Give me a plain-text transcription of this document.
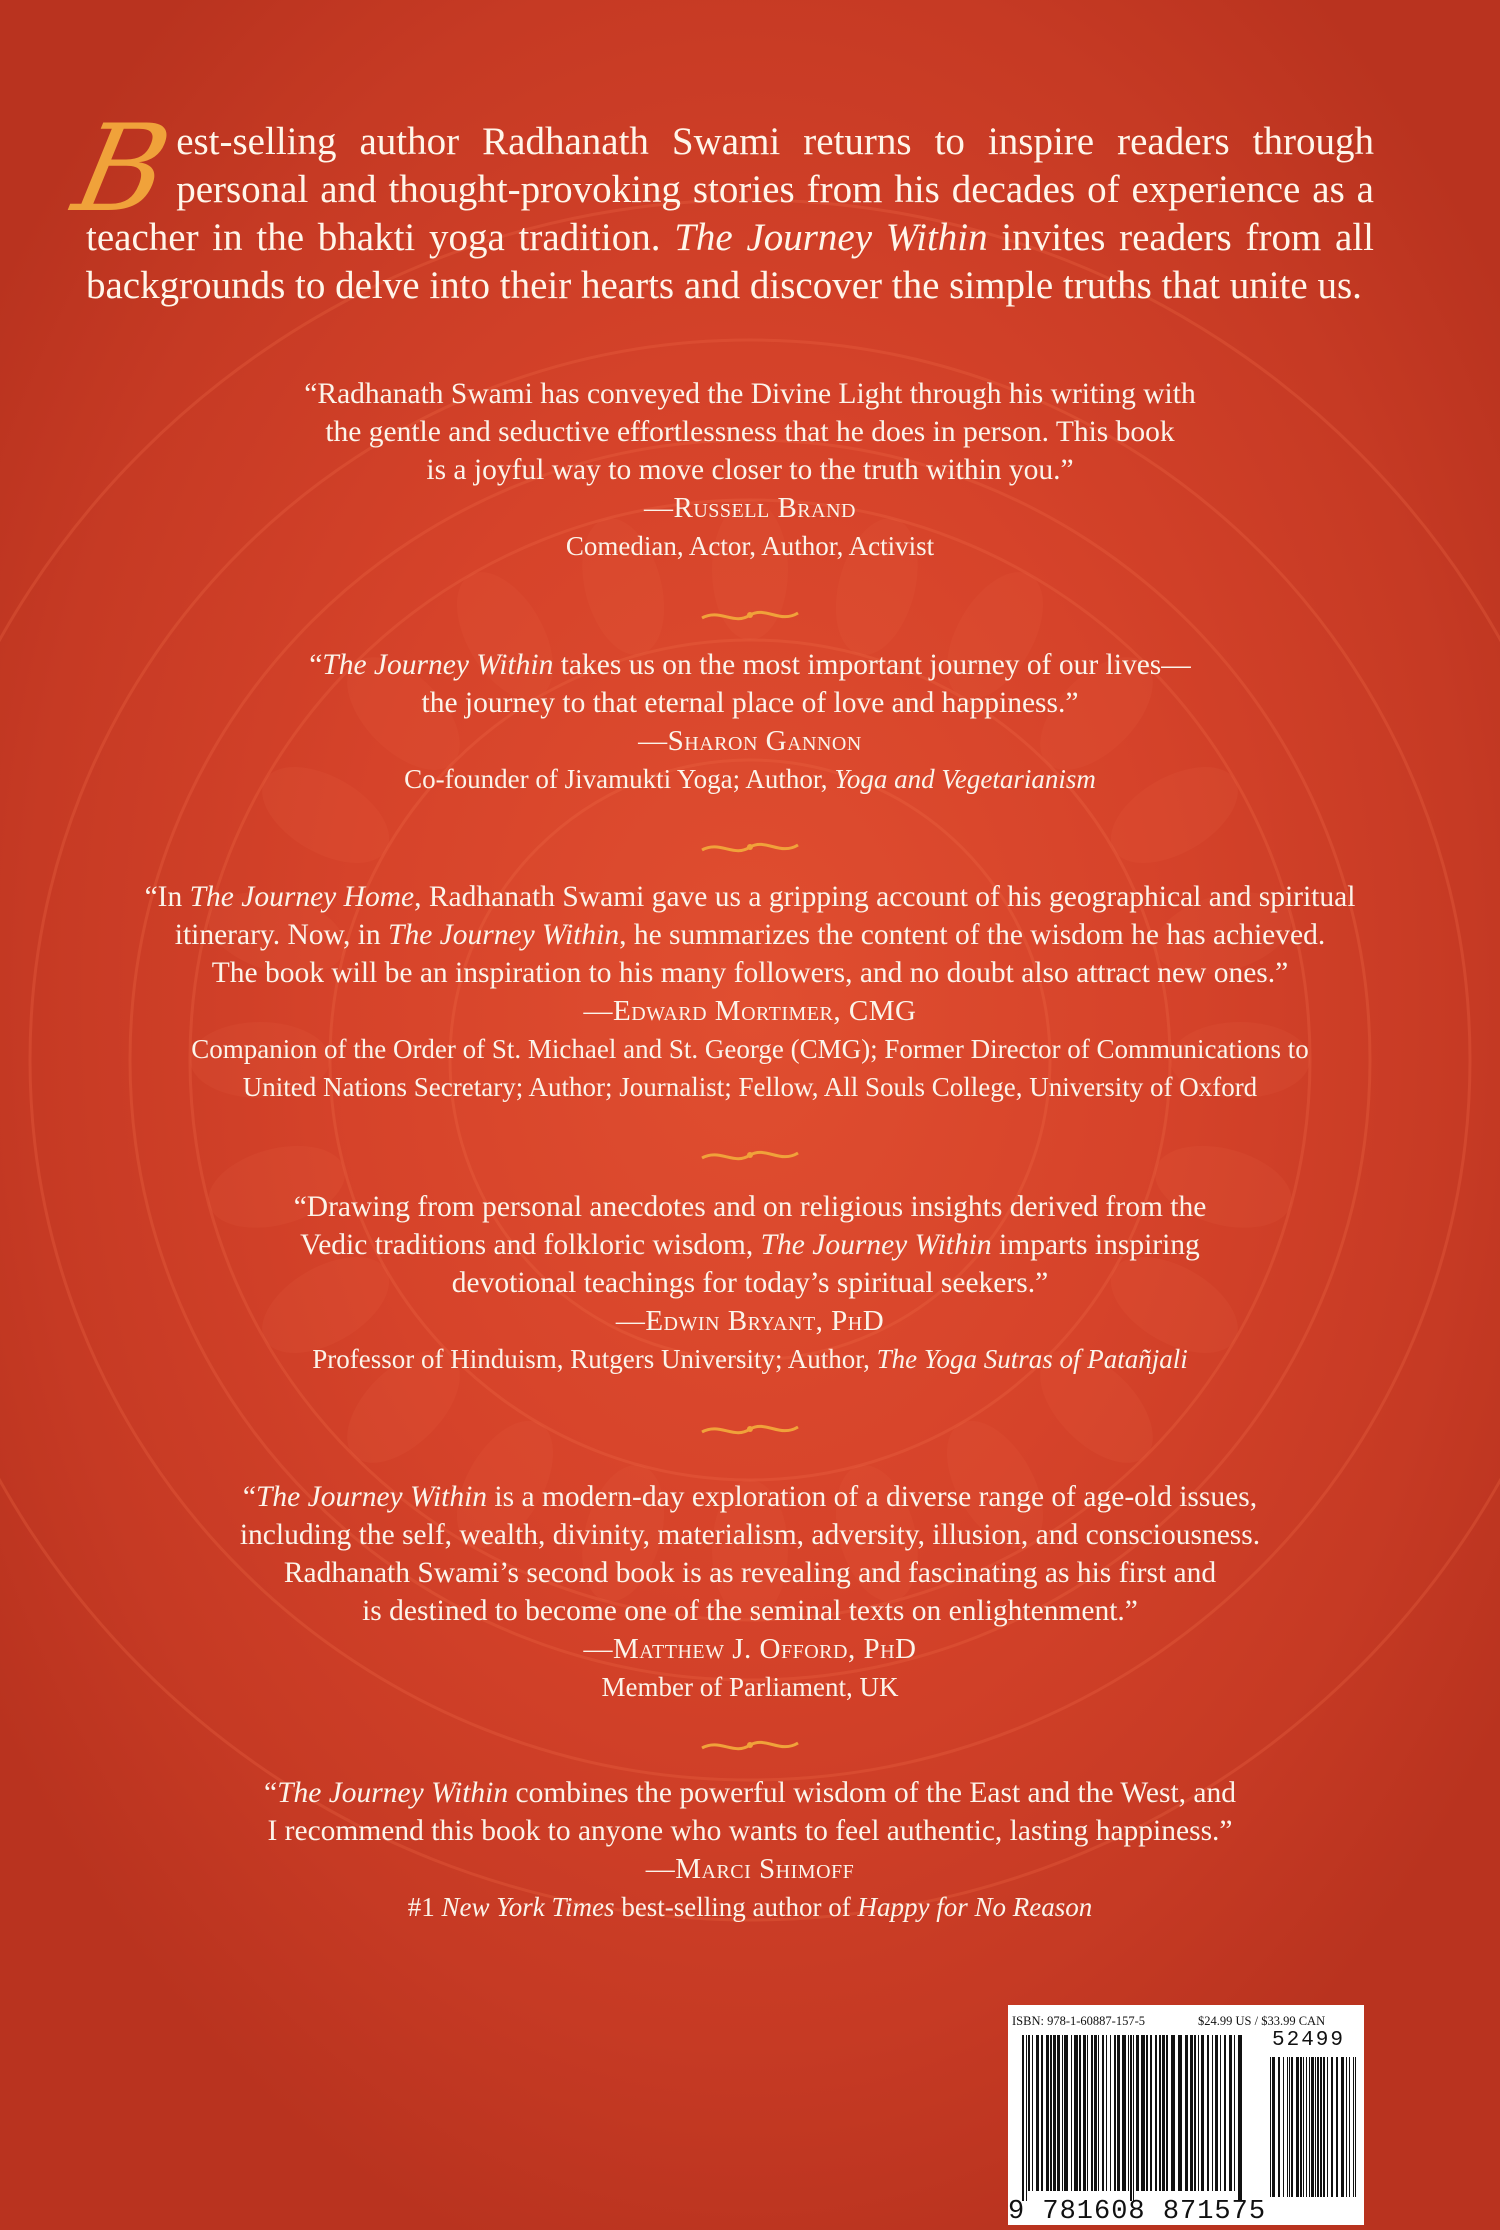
B
est-selling author Radhanath Swami returns to inspire readers through personal and thought-provoking stories from his decades of experience as a teacher in the bhakti yoga tradition. The Journey Within invites readers from all backgrounds to delve into their hearts and discover the simple truths that unite us.
“Radhanath Swami has conveyed the Divine Light through his writing with
the gentle and seductive effortlessness that he does in person. This book
is a joyful way to move closer to the truth within you.”
—Russell Brand
Comedian, Actor, Author, Activist
“The Journey Within takes us on the most important journey of our lives—
the journey to that eternal place of love and happiness.”
—Sharon Gannon
Co-founder of Jivamukti Yoga; Author, Yoga and Vegetarianism
“In The Journey Home, Radhanath Swami gave us a gripping account of his geographical and spiritual
itinerary. Now, in The Journey Within, he summarizes the content of the wisdom he has achieved.
The book will be an inspiration to his many followers, and no doubt also attract new ones.”
—Edward Mortimer, CMG
Companion of the Order of St. Michael and St. George (CMG); Former Director of Communications to
United Nations Secretary; Author; Journalist; Fellow, All Souls College, University of Oxford
“Drawing from personal anecdotes and on religious insights derived from the
Vedic traditions and folkloric wisdom, The Journey Within imparts inspiring
devotional teachings for today’s spiritual seekers.”
—Edwin Bryant, PhD
Professor of Hinduism, Rutgers University; Author, The Yoga Sutras of Patañjali
“The Journey Within is a modern-day exploration of a diverse range of age-old issues,
including the self, wealth, divinity, materialism, adversity, illusion, and consciousness.
Radhanath Swami’s second book is as revealing and fascinating as his first and
is destined to become one of the seminal texts on enlightenment.”
—Matthew J. Offord, PhD
Member of Parliament, UK
“The Journey Within combines the powerful wisdom of the East and the West, and
I recommend this book to anyone who wants to feel authentic, lasting happiness.”
—Marci Shimoff
#1 New York Times best-selling author of Happy for No Reason
ISBN: 978-1-60887-157-5	$24.99 US / $33.99 CAN
52499
9 781608 871575
